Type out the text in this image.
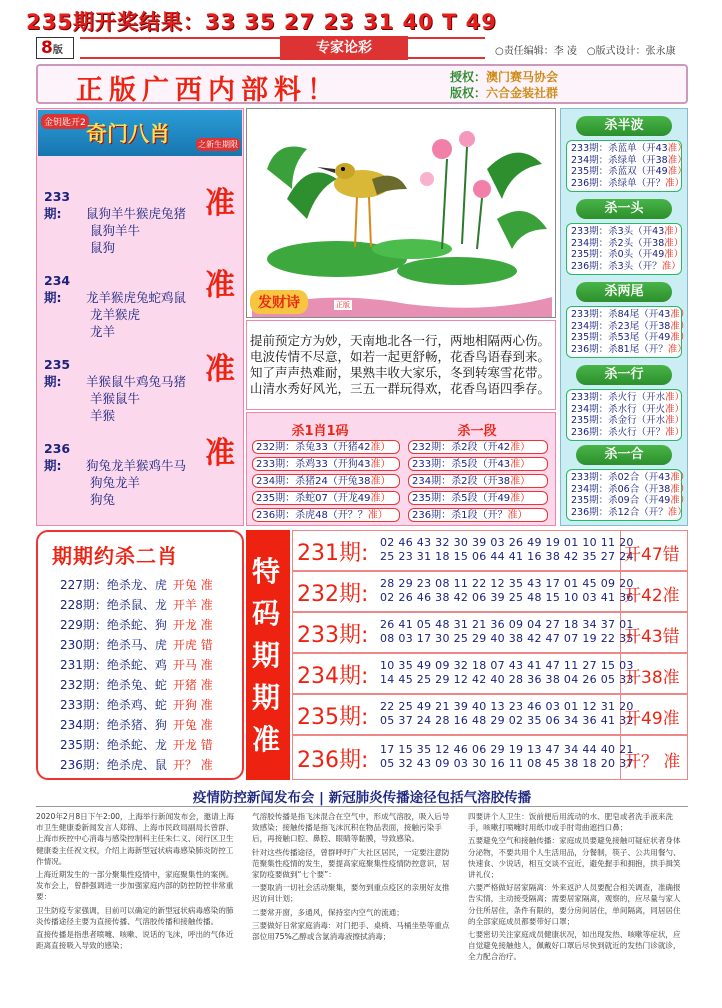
235期开奖结果：33 35 27 23 31 40 T 49
8版	专家论彩	○责任编辑：李 凌 ○版式设计：张永康
正版广西内部料！	授权：澳门赛马协会
版权：六合金装社群
金钥匙开2 奇门八肖	之新生期限
233期: 鼠狗羊牛猴虎兔猪
鼠狗羊牛
鼠狗
准
234期: 龙羊猴虎兔蛇鸡鼠
龙羊猴虎
龙羊
准
235期: 羊猴鼠牛鸡兔马猪
羊猴鼠牛
羊猴
准
236期: 狗兔龙羊猴鸡牛马
狗兔龙羊
狗兔
准
发财诗	正版
提前预定方为妙，天南地北各一行，两地相隔两心伤。
电波传情不尽意，如若一起更舒畅，花香鸟语春到来。
知了声声热难耐，果熟丰收大家乐，冬到转寒雪花带。
山清水秀好风光，三五一群玩得欢，花香鸟语四季存。
杀1肖1码	杀一段
232期：杀兔33（开猪42准）
233期：杀鸡33（开狗43准）
234期：杀猪24（开兔38准）
235期：杀蛇07（开龙49准）
236期：杀虎48（开？？准）
232期：杀2段（开42准）
233期：杀5段（开43准）
234期：杀2段（开38准）
235期：杀5段（开49准）
236期：杀1段（开？准）
杀半波
233期：杀蓝单（开43准）
234期：杀绿单（开38准）
235期：杀蓝双（开49准）
236期：杀绿单（开？准）
杀一头
233期：杀3头（开43准）
234期：杀2头（开38准）
235期：杀0头（开49准）
236期：杀3头（开？准）
杀两尾
233期：杀84尾（开43准）
234期：杀23尾（开38准）
235期：杀53尾（开49准）
236期：杀81尾（开？准）
杀一行
233期：杀火行（开水准）
234期：杀水行（开火准）
235期：杀金行（开水准）
236期：杀火行（开？准）
杀一合
233期：杀02合（开43准）
234期：杀06合（开38准）
235期：杀09合（开49准）
236期：杀12合（开？准）
期期约杀二肖
227期：绝杀龙、虎 开兔 准
228期：绝杀鼠、龙 开羊 准
229期：绝杀蛇、狗 开龙 准
230期：绝杀马、虎 开虎 错
231期：绝杀蛇、鸡 开马 准
232期：绝杀兔、蛇 开猪 准
233期：绝杀鸡、蛇 开狗 准
234期：绝杀猪、狗 开兔 准
235期：绝杀蛇、龙 开龙 错
236期：绝杀虎、鼠 开？ 准
特
码
期
期
准
231期: 02 46 43 32 30 39 03 26 49 19 01 10 11 20
25 23 31 18 15 06 44 41 16 38 42 35 27 24
开47错
232期: 28 29 23 08 11 22 12 35 43 17 01 45 09 20
02 26 46 38 42 06 39 25 48 15 10 03 41 36
开42准
233期: 26 41 05 48 31 21 36 09 04 27 18 34 37 01
08 03 17 30 25 29 40 38 42 47 07 19 22 35
开43错
234期: 10 35 49 09 32 18 07 43 41 47 11 27 15 03
14 45 25 29 12 42 40 28 36 38 04 26 05 33
开38准
235期: 22 25 49 21 39 40 13 23 46 03 01 12 31 20
05 37 24 28 16 48 29 02 35 06 34 36 41 32
开49准
236期: 17 15 35 12 46 06 29 19 13 47 34 44 40 21
05 32 43 09 03 30 16 11 08 45 38 18 20 37
开？ 准
疫情防控新闻发布会 | 新冠肺炎传播途径包括气溶胶传播

2020年2月8日下午2:00，上海举行新闻发布会，邀请上海市卫生健康委新闻发言人郑锦、上海市民政局副局长曾群、上海市疾控中心消毒与感染控制科主任朱仁义、闵行区卫生健康委主任祝文权，介绍上海新型冠状病毒感染肺炎防控工作情况。

上海近期发生的一部分聚集性疫情中，家庭聚集性的案例。发布会上，曾群强调进一步加强家庭内部的防控防控非常重要：

卫生防疫专家强调，目前可以确定的新型冠状病毒感染的肺炎传播途径主要为直接传播、气溶胶传播和接触传播。

直接传播是指患者喷嚏、咳嗽、说话的飞沫，呼出的气体近距离直接吸入导致的感染；

气溶胶传播是指飞沫混合在空气中，形成气溶胶，吸入后导致感染；接触传播是指飞沫沉积在物品表面，接触污染手后，再接触口腔、鼻腔、眼睛等黏膜，导致感染。

针对这些传播途径，曾群呼吁广大社区居民，一定要注意防范聚集性疫情的发生，要提高家庭聚集性疫情防控意识，居家防疫要做到“七个要”：

一要取消一切社会活动聚集，要勿到重点疫区的亲朋好友推迟访问计划；

二要常开窗，多通风，保持室内空气的流通；

三要做好日常家庭消毒：对门把手、桌椅、马桶坐垫等重点部位用75%乙醇或含氯消毒液擦拭消毒；

四要讲个人卫生：饭前便后用流动的水、肥皂或者洗手液来洗手，咳嗽打喷嚏时用纸巾或手肘弯曲遮挡口鼻；

五要避免空气和接触传播：家庭成员要避免接触可疑症状者身体分泌物，不要共用个人生活用品，分餐制，筷子、公共用餐勺、快速食、少说话，相互交谈不宜近，避免握手和拥抱，拱手揖笑讲礼仪；

六要严格做好居家隔离：外来返沪人员要配合相关调查，准确报告实情，主动接受隔离；需要居家隔离，观察的，应尽量与家人分住所居住，条件有限的，要分房间居住，单间隔离，同居居住的全部家庭成员都要带好口罩；

七要密切关注家庭成员健康状况，如出现发热、咳嗽等症状，应自觉避免接触他人，佩戴好口罩后尽快到就近的发热门诊就诊，全力配合治疗。
